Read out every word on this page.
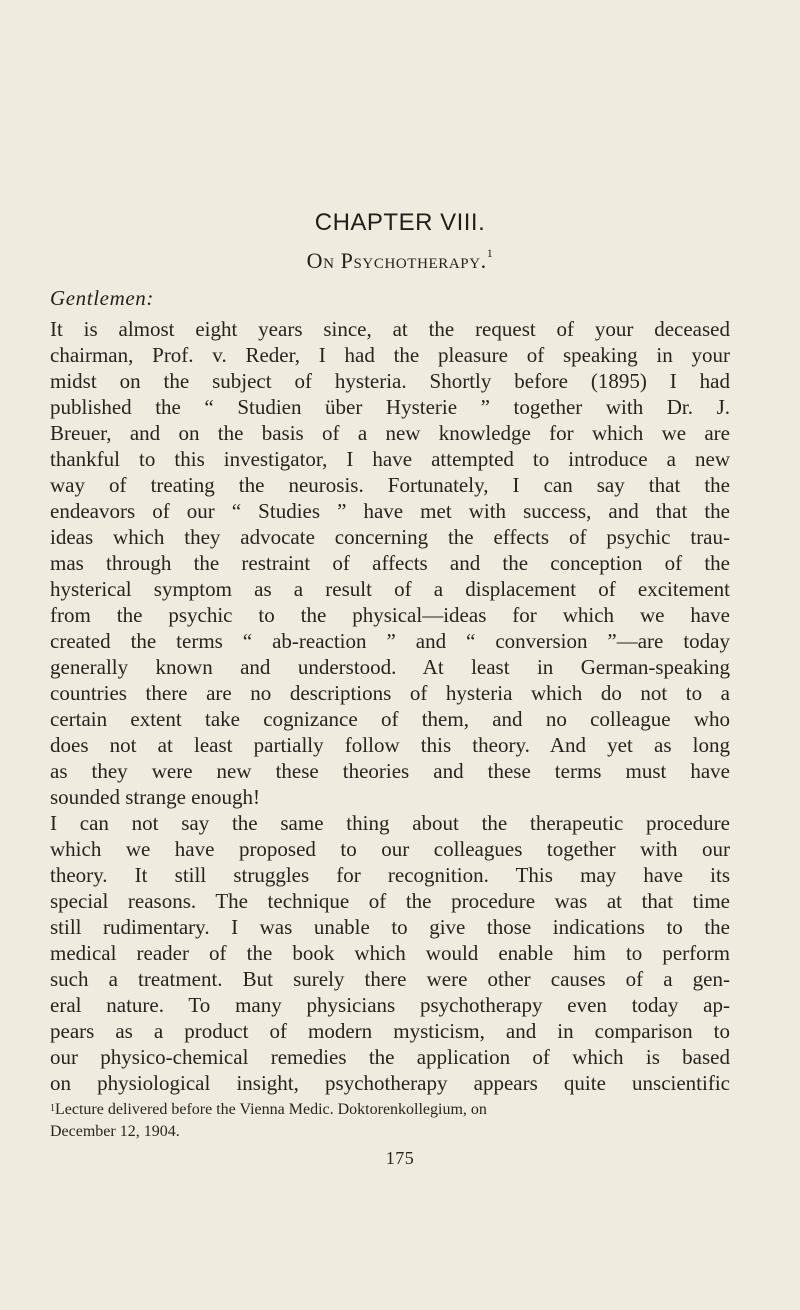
CHAPTER VIII.
On Psychotherapy.$^1$
Gentlemen:
It is almost eight years since, at the request of your deceased
chairman, Prof. v. Reder, I had the pleasure of speaking in your
midst on the subject of hysteria. Shortly before (1895) I had
published the “ Studien über Hysterie ” together with Dr. J.
Breuer, and on the basis of a new knowledge for which we are
thankful to this investigator, I have attempted to introduce a new
way of treating the neurosis. Fortunately, I can say that the
endeavors of our “ Studies ” have met with success, and that the
ideas which they advocate concerning the effects of psychic trau-
mas through the restraint of affects and the conception of the
hysterical symptom as a result of a displacement of excitement
from the psychic to the physical—ideas for which we have
created the terms “ ab-reaction ” and “ conversion ”—are today
generally known and understood. At least in German-speaking
countries there are no descriptions of hysteria which do not to a
certain extent take cognizance of them, and no colleague who
does not at least partially follow this theory. And yet as long
as they were new these theories and these terms must have
sounded strange enough!
I can not say the same thing about the therapeutic procedure
which we have proposed to our colleagues together with our
theory. It still struggles for recognition. This may have its
special reasons. The technique of the procedure was at that time
still rudimentary. I was unable to give those indications to the
medical reader of the book which would enable him to perform
such a treatment. But surely there were other causes of a gen-
eral nature. To many physicians psychotherapy even today ap-
pears as a product of modern mysticism, and in comparison to
our physico-chemical remedies the application of which is based
on physiological insight, psychotherapy appears quite unscientific
$^1$Lecture delivered before the Vienna Medic. Doktorenkollegium, on
December 12, 1904.
175
